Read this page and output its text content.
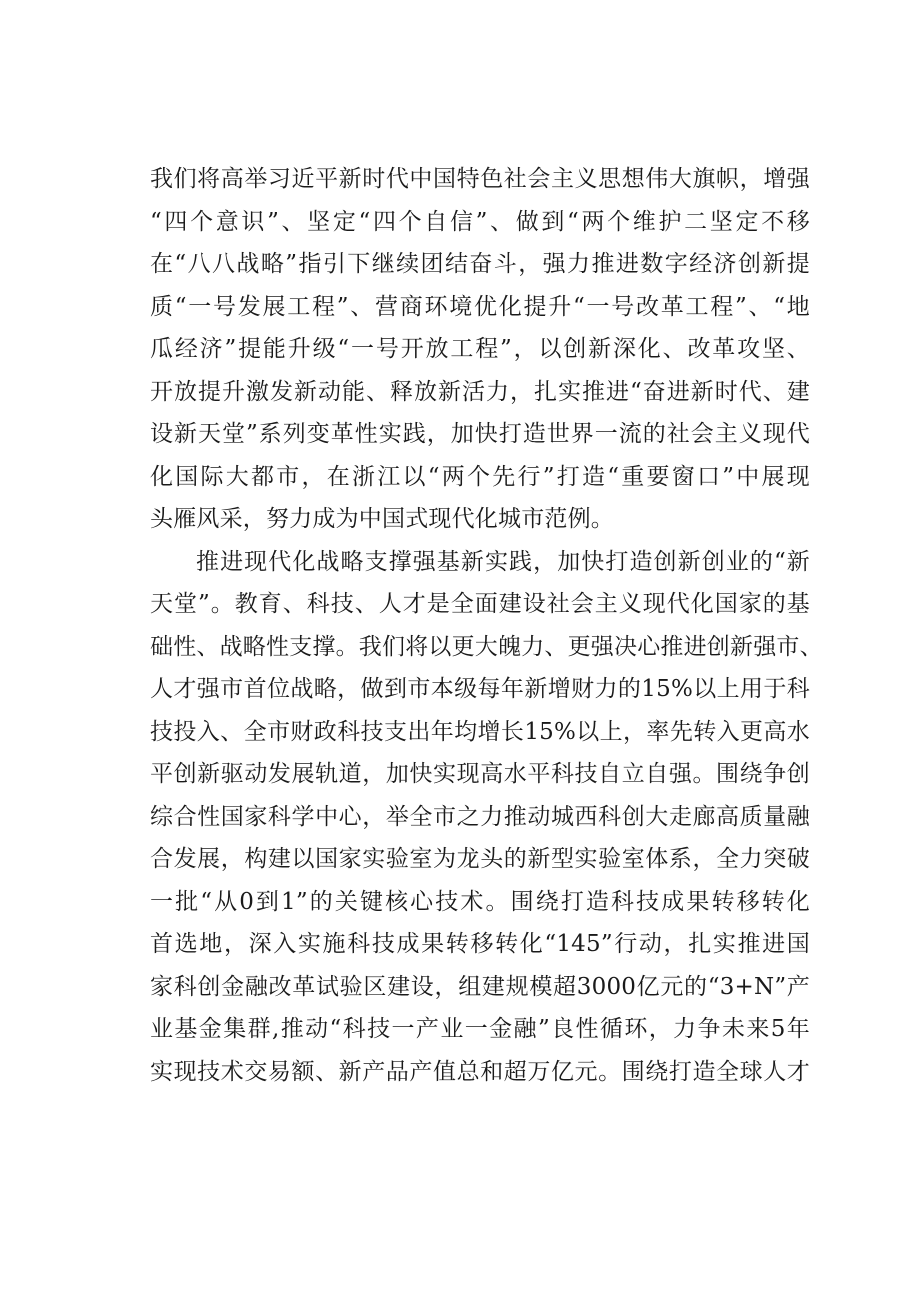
我们将高举习近平新时代中国特色社会主义思想伟大旗帜，增强
“四个意识”、坚定“四个自信”、做到“两个维护二坚定不移
在“八八战略”指引下继续团结奋斗，强力推进数字经济创新提
质“一号发展工程”、营商环境优化提升“一号改革工程”、“地
瓜经济”提能升级“一号开放工程”，以创新深化、改革攻坚、
开放提升激发新动能、释放新活力，扎实推进“奋进新时代、建
设新天堂”系列变革性实践，加快打造世界一流的社会主义现代
化国际大都市，在浙江以“两个先行”打造“重要窗口”中展现
头雁风采，努力成为中国式现代化城市范例。
推进现代化战略支撑强基新实践，加快打造创新创业的“新
天堂”。教育、科技、人才是全面建设社会主义现代化国家的基
础性、战略性支撑。我们将以更大魄力、更强决心推进创新强市、
人才强市首位战略，做到市本级每年新增财力的15%以上用于科
技投入、全市财政科技支出年均增长15%以上，率先转入更高水
平创新驱动发展轨道，加快实现高水平科技自立自强。围绕争创
综合性国家科学中心，举全市之力推动城西科创大走廊高质量融
合发展，构建以国家实验室为龙头的新型实验室体系，全力突破
一批“从0到1”的关键核心技术。围绕打造科技成果转移转化
首选地，深入实施科技成果转移转化“145”行动，扎实推进国
家科创金融改革试验区建设，组建规模超3000亿元的“3+N”产
业基金集群,推动“科技一产业一金融”良性循环，力争未来5年
实现技术交易额、新产品产值总和超万亿元。围绕打造全球人才
